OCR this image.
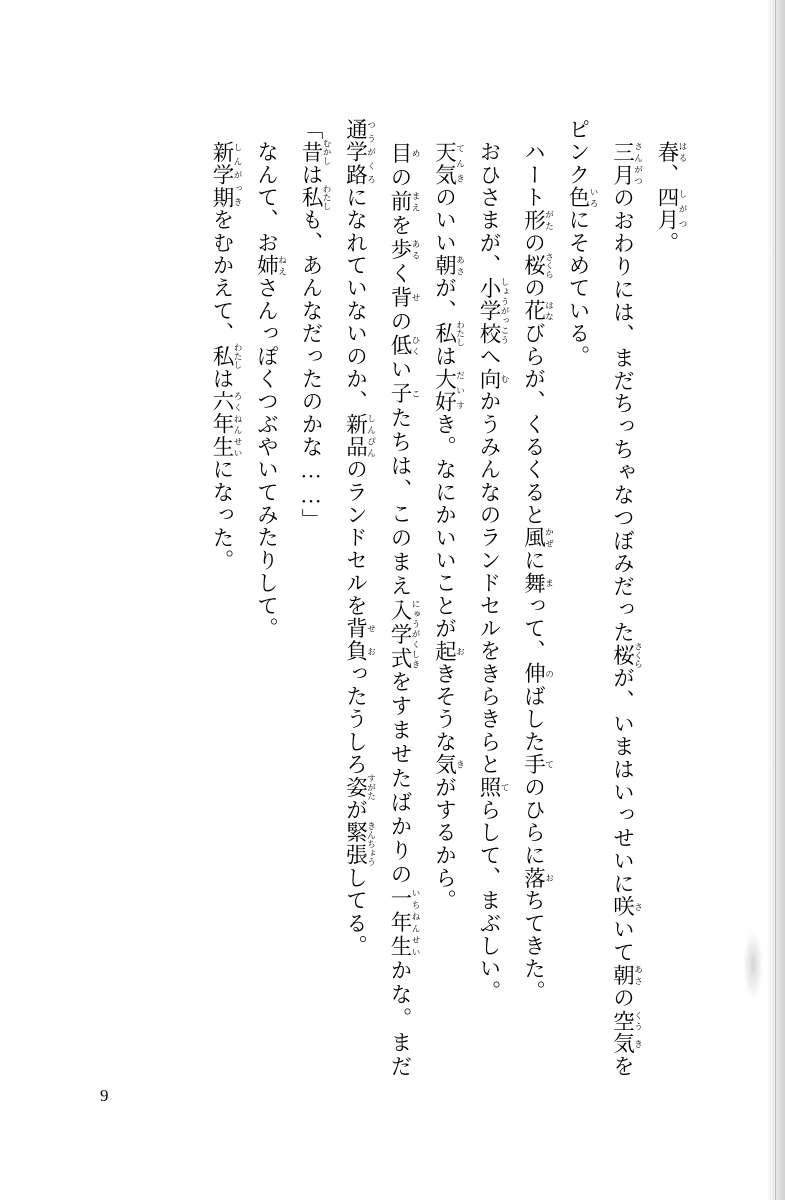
　春 はる、四月 しがつ。

　三月 さんがつのおわりには、まだちっちゃなつぼみだった桜 さくらが、いまはいっせいに咲 さいて朝 あさの空 くう気 きをピンク色 いろにそめている。

　ハート形 がたの桜 さくらの花 はなびらが、くるくると風 かぜに舞 まって、伸 のばした手 てのひらに落 おちてきた。

　おひさまが、小学校 しょうがっこうへ向 むかうみんなのランドセルをきらきらと照 てらして、まぶしい。

　天気 てんきのいい朝 あさが、私 わたしは大好 だいすき。なにかいいことが起 おきそうな気 きがするから。

　目 めの前 まえを歩 あるく背 せの低 ひくい子 こたちは、このまえ入学式 にゅうがくしきをすませたばかりの一年生 いちねんせいかな。まだ通学路 つうがくろになれていないのか、新品 しんぴんのランドセルを背負 せおったうしろ姿 すがたが緊張 きんちょうしてる。

「昔 むかしは私 わたしも、あんなだったのかな……」

　なんて、お姉 ねえさんっぽくつぶやいてみたりして。

　新学期 しんがっきをむかえて、私 わたしは六年生 ろくねんせいになった。

9
